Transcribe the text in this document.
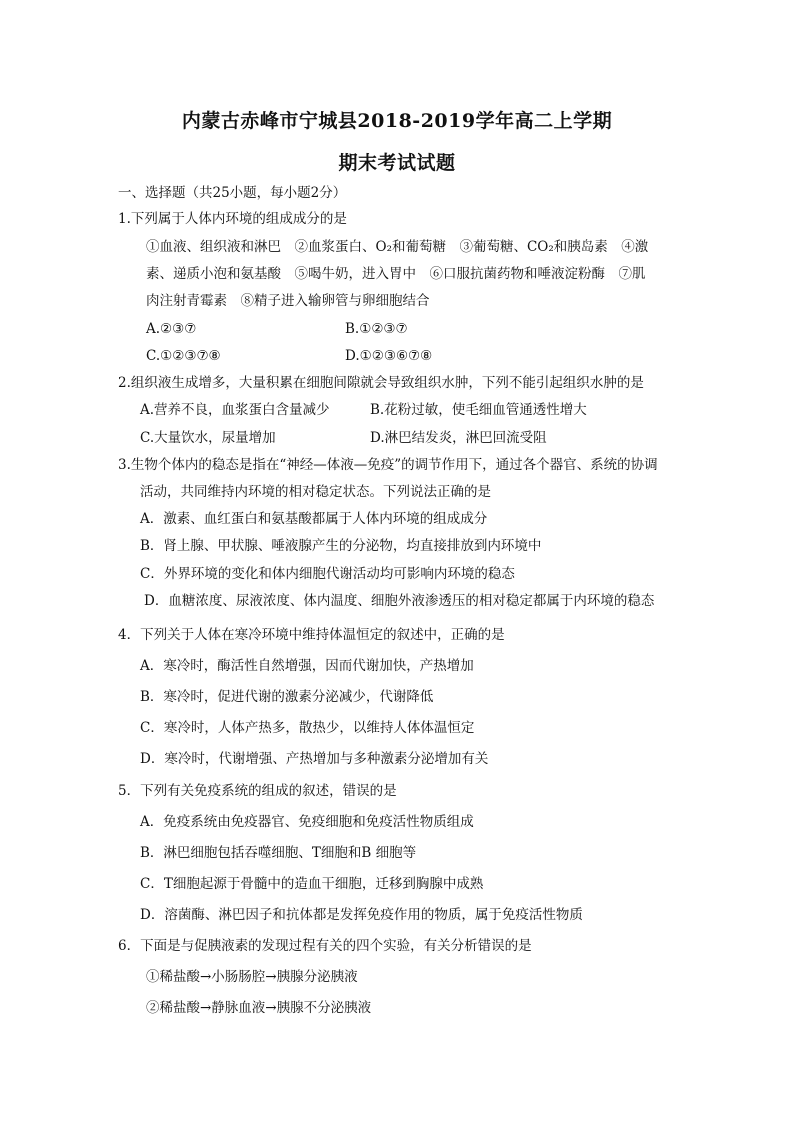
内蒙古赤峰市宁城县2018-2019学年高二上学期
期末考试试题
一、选择题（共25小题，每小题2分）
1.下列属于人体内环境的组成成分的是
①血液、组织液和淋巴　②血浆蛋白、O₂和葡萄糖　③葡萄糖、CO₂和胰岛素　④激
素、递质小泡和氨基酸　⑤喝牛奶，进入胃中　⑥口服抗菌药物和唾液淀粉酶　⑦肌
肉注射青霉素　⑧精子进入输卵管与卵细胞结合
A.②③⑦	B.①②③⑦
C.①②③⑦⑧	D.①②③⑥⑦⑧
2.组织液生成增多，大量积累在细胞间隙就会导致组织水肿，下列不能引起组织水肿的是
A.营养不良，血浆蛋白含量减少	B.花粉过敏，使毛细血管通透性增大
C.大量饮水，尿量增加	D.淋巴结发炎，淋巴回流受阻
3.生物个体内的稳态是指在“神经—体液—免疫”的调节作用下，通过各个器官、系统的协调
活动，共同维持内环境的相对稳定状态。下列说法正确的是
A．激素、血红蛋白和氨基酸都属于人体内环境的组成成分
B．肾上腺、甲状腺、唾液腺产生的分泌物，均直接排放到内环境中
C．外界环境的变化和体内细胞代谢活动均可影响内环境的稳态
D．血糖浓度、尿液浓度、体内温度、细胞外液渗透压的相对稳定都属于内环境的稳态
4．下列关于人体在寒冷环境中维持体温恒定的叙述中，正确的是
A．寒冷时，酶活性自然增强，因而代谢加快，产热增加
B．寒冷时，促进代谢的激素分泌减少，代谢降低
C．寒冷时，人体产热多，散热少，以维持人体体温恒定
D．寒冷时，代谢增强、产热增加与多种激素分泌增加有关
5．下列有关免疫系统的组成的叙述，错误的是
A．免疫系统由免疫器官、免疫细胞和免疫活性物质组成
B．淋巴细胞包括吞噬细胞、T细胞和B 细胞等
C．T细胞起源于骨髓中的造血干细胞，迁移到胸腺中成熟
D．溶菌酶、淋巴因子和抗体都是发挥免疫作用的物质，属于免疫活性物质
6．下面是与促胰液素的发现过程有关的四个实验，有关分析错误的是
①稀盐酸→小肠肠腔→胰腺分泌胰液
②稀盐酸→静脉血液→胰腺不分泌胰液
